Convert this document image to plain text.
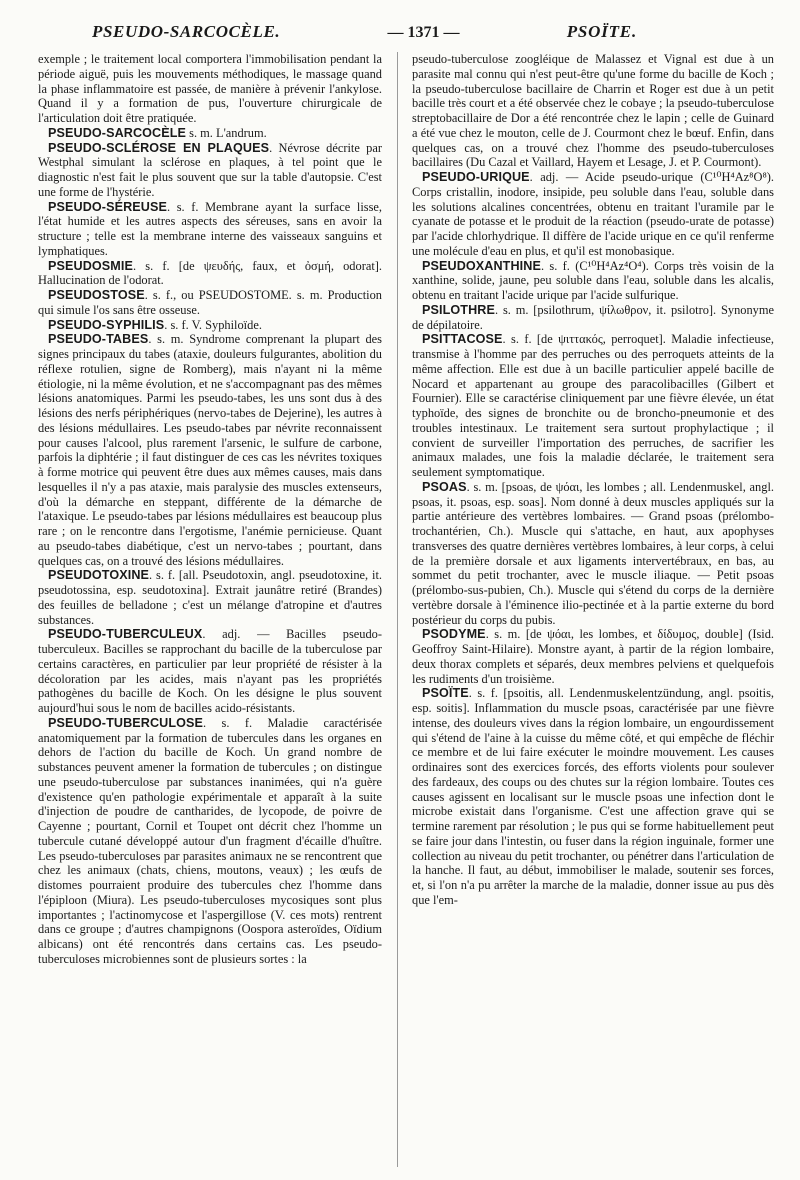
PSEUDO-SARCOCÈLE.	— 1371 —	PSOÏTE.

exemple ; le traitement local comportera l'immobilisation pendant la période aiguë, puis les mouvements méthodiques, le massage quand la phase inflammatoire est passée, de manière à prévenir l'ankylose. Quand il y a formation de pus, l'ouverture chirurgicale de l'articulation doit être pratiquée.

PSEUDO-SARCOCÈLE s. m. L'andrum.

PSEUDO-SCLÉROSE EN PLAQUES. Névrose décrite par Westphal simulant la sclérose en plaques, à tel point que le diagnostic n'est fait le plus souvent que sur la table d'autopsie. C'est une forme de l'hystérie.

PSEUDO-SÉREUSE. s. f. Membrane ayant la surface lisse, l'état humide et les autres aspects des séreuses, sans en avoir la structure ; telle est la membrane interne des vaisseaux sanguins et lymphatiques.

PSEUDOSMIE. s. f. [de ψευδής, faux, et ὀσμή, odorat]. Hallucination de l'odorat.

PSEUDOSTOSE. s. f., ou PSEUDOSTOME. s. m. Production qui simule l'os sans être osseuse.

PSEUDO-SYPHILIS. s. f. V. Syphiloïde.

PSEUDO-TABES. s. m. Syndrome comprenant la plupart des signes principaux du tabes (ataxie, douleurs fulgurantes, abolition du réflexe rotulien, signe de Romberg), mais n'ayant ni la même étiologie, ni la même évolution, et ne s'accompagnant pas des mêmes lésions anatomiques. Parmi les pseudo-tabes, les uns sont dus à des lésions des nerfs périphériques (nervo-tabes de Dejerine), les autres à des lésions médullaires. Les pseudo-tabes par névrite reconnaissent pour causes l'alcool, plus rarement l'arsenic, le sulfure de carbone, parfois la diphtérie ; il faut distinguer de ces cas les névrites toxiques à forme motrice qui peuvent être dues aux mêmes causes, mais dans lesquelles il n'y a pas ataxie, mais paralysie des muscles extenseurs, d'où la démarche en steppant, différente de la démarche de l'ataxique. Le pseudo-tabes par lésions médullaires est beaucoup plus rare ; on le rencontre dans l'ergotisme, l'anémie pernicieuse. Quant au pseudo-tabes diabétique, c'est un nervo-tabes ; pourtant, dans quelques cas, on a trouvé des lésions médullaires.

PSEUDOTOXINE. s. f. [all. Pseudotoxin, angl. pseudotoxine, it. pseudotossina, esp. seudotoxina]. Extrait jaunâtre retiré (Brandes) des feuilles de belladone ; c'est un mélange d'atropine et d'autres substances.

PSEUDO-TUBERCULEUX. adj. — Bacilles pseudo-tuberculeux. Bacilles se rapprochant du bacille de la tuberculose par certains caractères, en particulier par leur propriété de résister à la décoloration par les acides, mais n'ayant pas les propriétés pathogènes du bacille de Koch. On les désigne le plus souvent aujourd'hui sous le nom de bacilles acido-résistants.

PSEUDO-TUBERCULOSE. s. f. Maladie caractérisée anatomiquement par la formation de tubercules dans les organes en dehors de l'action du bacille de Koch. Un grand nombre de substances peuvent amener la formation de tubercules ; on distingue une pseudo-tuberculose par substances inanimées, qui n'a guère d'existence qu'en pathologie expérimentale et apparaît à la suite d'injection de poudre de cantharides, de lycopode, de poivre de Cayenne ; pourtant, Cornil et Toupet ont décrit chez l'homme un tubercule cutané développé autour d'un fragment d'écaille d'huître. Les pseudo-tuberculoses par parasites animaux ne se rencontrent que chez les animaux (chats, chiens, moutons, veaux) ; les œufs de distomes pourraient produire des tubercules chez l'homme dans l'épiploon (Miura). Les pseudo-tuberculoses mycosiques sont plus importantes ; l'actinomycose et l'aspergillose (V. ces mots) rentrent dans ce groupe ; d'autres champignons (Oospora asteroïdes, Oïdium albicans) ont été rencontrés dans certains cas. Les pseudo-tuberculoses microbiennes sont de plusieurs sortes : la

pseudo-tuberculose zoogléique de Malassez et Vignal est due à un parasite mal connu qui n'est peut-être qu'une forme du bacille de Koch ; la pseudo-tuberculose bacillaire de Charrin et Roger est due à un petit bacille très court et a été observée chez le cobaye ; la pseudo-tuberculose streptobacillaire de Dor a été rencontrée chez le lapin ; celle de Guinard a été vue chez le mouton, celle de J. Courmont chez le bœuf. Enfin, dans quelques cas, on a trouvé chez l'homme des pseudo-tuberculoses bacillaires (Du Cazal et Vaillard, Hayem et Lesage, J. et P. Courmont).

PSEUDO-URIQUE. adj. — Acide pseudo-urique (C¹⁰H⁴Az⁸O⁸). Corps cristallin, inodore, insipide, peu soluble dans l'eau, soluble dans les solutions alcalines concentrées, obtenu en traitant l'uramile par le cyanate de potasse et le produit de la réaction (pseudo-urate de potasse) par l'acide chlorhydrique. Il diffère de l'acide urique en ce qu'il renferme une molécule d'eau en plus, et qu'il est monobasique.

PSEUDOXANTHINE. s. f. (C¹⁰H⁴Az⁴O⁴). Corps très voisin de la xanthine, solide, jaune, peu soluble dans l'eau, soluble dans les alcalis, obtenu en traitant l'acide urique par l'acide sulfurique.

PSILOTHRE. s. m. [psilothrum, ψίλωθρον, it. psilotro]. Synonyme de dépilatoire.

PSITTACOSE. s. f. [de ψιττακός, perroquet]. Maladie infectieuse, transmise à l'homme par des perruches ou des perroquets atteints de la même affection. Elle est due à un bacille particulier appelé bacille de Nocard et appartenant au groupe des paracolibacilles (Gilbert et Fournier). Elle se caractérise cliniquement par une fièvre élevée, un état typhoïde, des signes de bronchite ou de broncho-pneumonie et des troubles intestinaux. Le traitement sera surtout prophylactique ; il convient de surveiller l'importation des perruches, de sacrifier les animaux malades, une fois la maladie déclarée, le traitement sera seulement symptomatique.

PSOAS. s. m. [psoas, de ψόαι, les lombes ; all. Lendenmuskel, angl. psoas, it. psoas, esp. soas]. Nom donné à deux muscles appliqués sur la partie antérieure des vertèbres lombaires. — Grand psoas (prélombo-trochantérien, Ch.). Muscle qui s'attache, en haut, aux apophyses transverses des quatre dernières vertèbres lombaires, à leur corps, à celui de la première dorsale et aux ligaments intervertébraux, en bas, au sommet du petit trochanter, avec le muscle iliaque. — Petit psoas (prélombo-sus-pubien, Ch.). Muscle qui s'étend du corps de la dernière vertèbre dorsale à l'éminence ilio-pectinée et à la partie externe du bord postérieur du corps du pubis.

PSODYME. s. m. [de ψόαι, les lombes, et δίδυμος, double] (Isid. Geoffroy Saint-Hilaire). Monstre ayant, à partir de la région lombaire, deux thorax complets et séparés, deux membres pelviens et quelquefois les rudiments d'un troisième.

PSOÏTE. s. f. [psoitis, all. Lendenmuskelentzündung, angl. psoitis, esp. soitis]. Inflammation du muscle psoas, caractérisée par une fièvre intense, des douleurs vives dans la région lombaire, un engourdissement qui s'étend de l'aine à la cuisse du même côté, et qui empêche de fléchir ce membre et de lui faire exécuter le moindre mouvement. Les causes ordinaires sont des exercices forcés, des efforts violents pour soulever des fardeaux, des coups ou des chutes sur la région lombaire. Toutes ces causes agissent en localisant sur le muscle psoas une infection dont le microbe existait dans l'organisme. C'est une affection grave qui se termine rarement par résolution ; le pus qui se forme habituellement peut se faire jour dans l'intestin, ou fuser dans la région inguinale, former une collection au niveau du petit trochanter, ou pénétrer dans l'articulation de la hanche. Il faut, au début, immobiliser le malade, soutenir ses forces, et, si l'on n'a pu arrêter la marche de la maladie, donner issue au pus dès que l'em-
